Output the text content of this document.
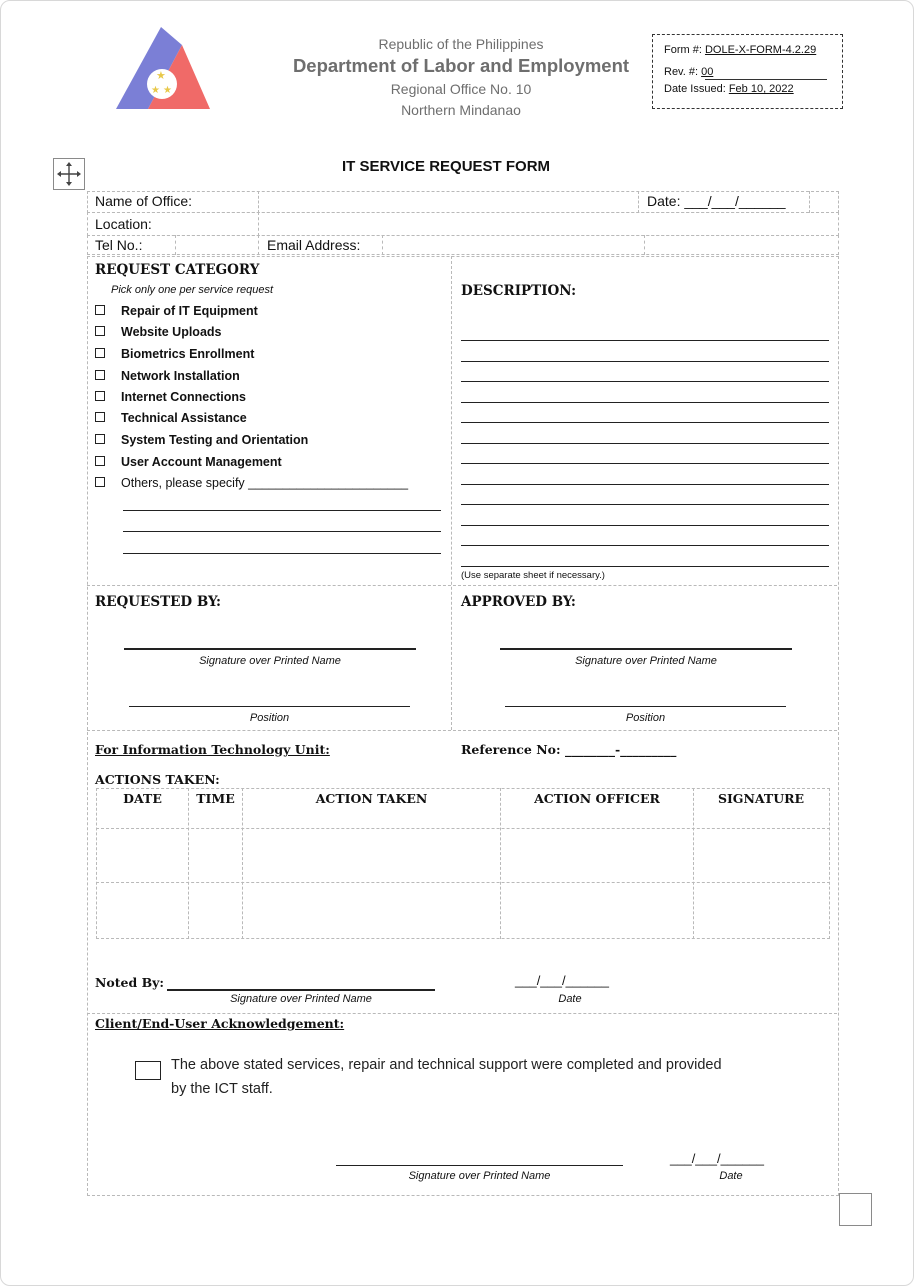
★
★ ★
Republic of the Philippines
Department of Labor and Employment
Regional Office No. 10
Northern Mindanao
Form #: DOLE-X-FORM-4.2.29
Rev. #: 00
Date Issued: Feb 10, 2022
IT SERVICE REQUEST FORM
Name of Office:	Date: ___/___/______
Location:
Tel No.:	Email Address:
REQUEST CATEGORY
Pick only one per service request
Repair of IT Equipment
Website Uploads
Biometrics Enrollment
Network Installation
Internet Connections
Technical Assistance
System Testing and Orientation
User Account Management
Others, please specify _______________________
DESCRIPTION:
(Use separate sheet if necessary.)
REQUESTED BY:
Signature over Printed Name
Position
APPROVED BY:
Signature over Printed Name
Position
For Information Technology Unit:	Reference No: ________-_________
ACTIONS TAKEN:
DATE	TIME	ACTION TAKEN	ACTION OFFICER	SIGNATURE
Noted By:
Signature over Printed Name
___/___/______
Date
Client/End-User Acknowledgement:
The above stated services, repair and technical support were completed and provided
by the ICT staff.
Signature over Printed Name
___/___/______
Date
